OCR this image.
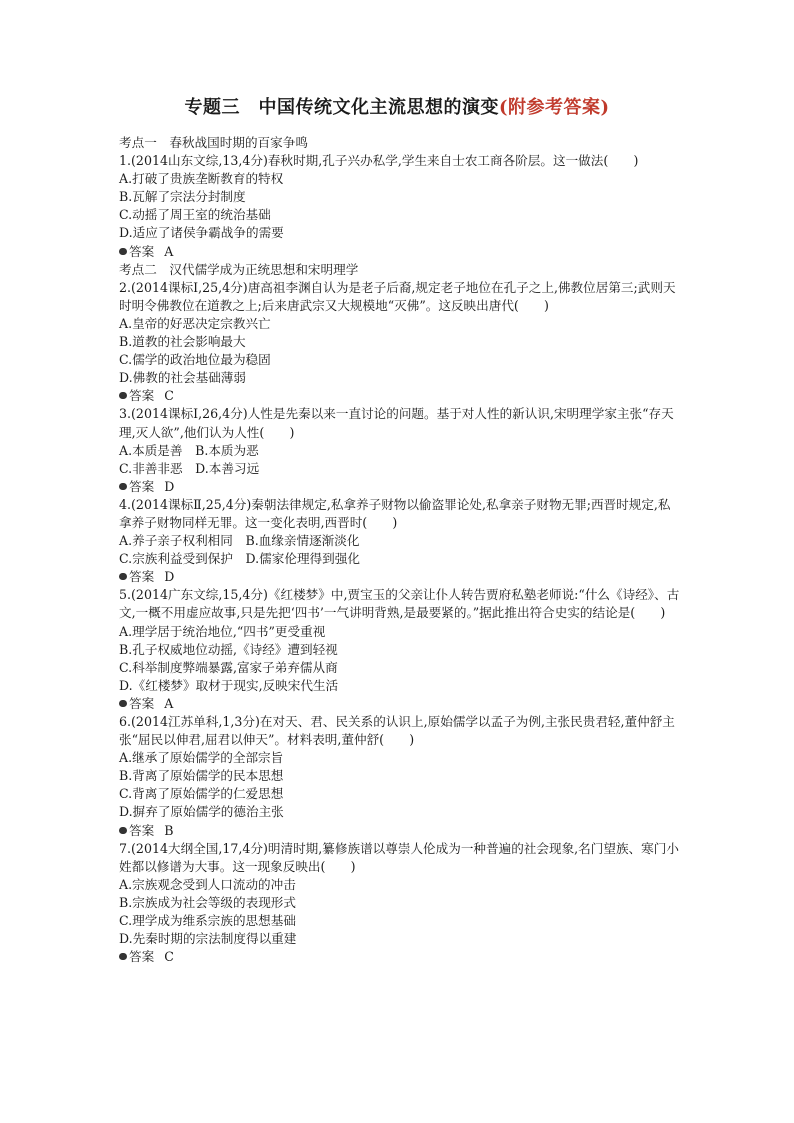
专题三　中国传统文化主流思想的演变(附参考答案)
考点一　春秋战国时期的百家争鸣
1.(2014山东文综,13,4分)春秋时期,孔子兴办私学,学生来自士农工商各阶层。这一做法(　　)
A.打破了贵族垄断教育的特权
B.瓦解了宗法分封制度
C.动摇了周王室的统治基础
D.适应了诸侯争霸战争的需要
答案 A
考点二　汉代儒学成为正统思想和宋明理学
2.(2014课标Ⅰ,25,4分)唐高祖李渊自认为是老子后裔,规定老子地位在孔子之上,佛教位居第三;武则天时明令佛教位在道教之上;后来唐武宗又大规模地“灭佛”。这反映出唐代(　　)
A.皇帝的好恶决定宗教兴亡
B.道教的社会影响最大
C.儒学的政治地位最为稳固
D.佛教的社会基础薄弱
答案 C
3.(2014课标Ⅰ,26,4分)人性是先秦以来一直讨论的问题。基于对人性的新认识,宋明理学家主张“存天理,灭人欲”,他们认为人性(　　)
A.本质是善　B.本质为恶
C.非善非恶　D.本善习远
答案 D
4.(2014课标Ⅱ,25,4分)秦朝法律规定,私拿养子财物以偷盗罪论处,私拿亲子财物无罪;西晋时规定,私拿养子财物同样无罪。这一变化表明,西晋时(　　)
A.养子亲子权利相同　B.血缘亲情逐渐淡化
C.宗族利益受到保护　D.儒家伦理得到强化
答案 D
5.(2014广东文综,15,4分)《红楼梦》中,贾宝玉的父亲让仆人转告贾府私塾老师说:“什么《诗经》、古文,一概不用虚应故事,只是先把‘四书’一气讲明背熟,是最要紧的。”据此推出符合史实的结论是(　　)
A.理学居于统治地位,“四书”更受重视
B.孔子权威地位动摇,《诗经》遭到轻视
C.科举制度弊端暴露,富家子弟弃儒从商
D.《红楼梦》取材于现实,反映宋代生活
答案 A
6.(2014江苏单科,1,3分)在对天、君、民关系的认识上,原始儒学以孟子为例,主张民贵君轻,董仲舒主张“屈民以伸君,屈君以伸天”。材料表明,董仲舒(　　)
A.继承了原始儒学的全部宗旨
B.背离了原始儒学的民本思想
C.背离了原始儒学的仁爱思想
D.摒弃了原始儒学的德治主张
答案 B
7.(2014大纲全国,17,4分)明清时期,纂修族谱以尊崇人伦成为一种普遍的社会现象,名门望族、寒门小姓都以修谱为大事。这一现象反映出(　　)
A.宗族观念受到人口流动的冲击
B.宗族成为社会等级的表现形式
C.理学成为维系宗族的思想基础
D.先秦时期的宗法制度得以重建
答案 C
